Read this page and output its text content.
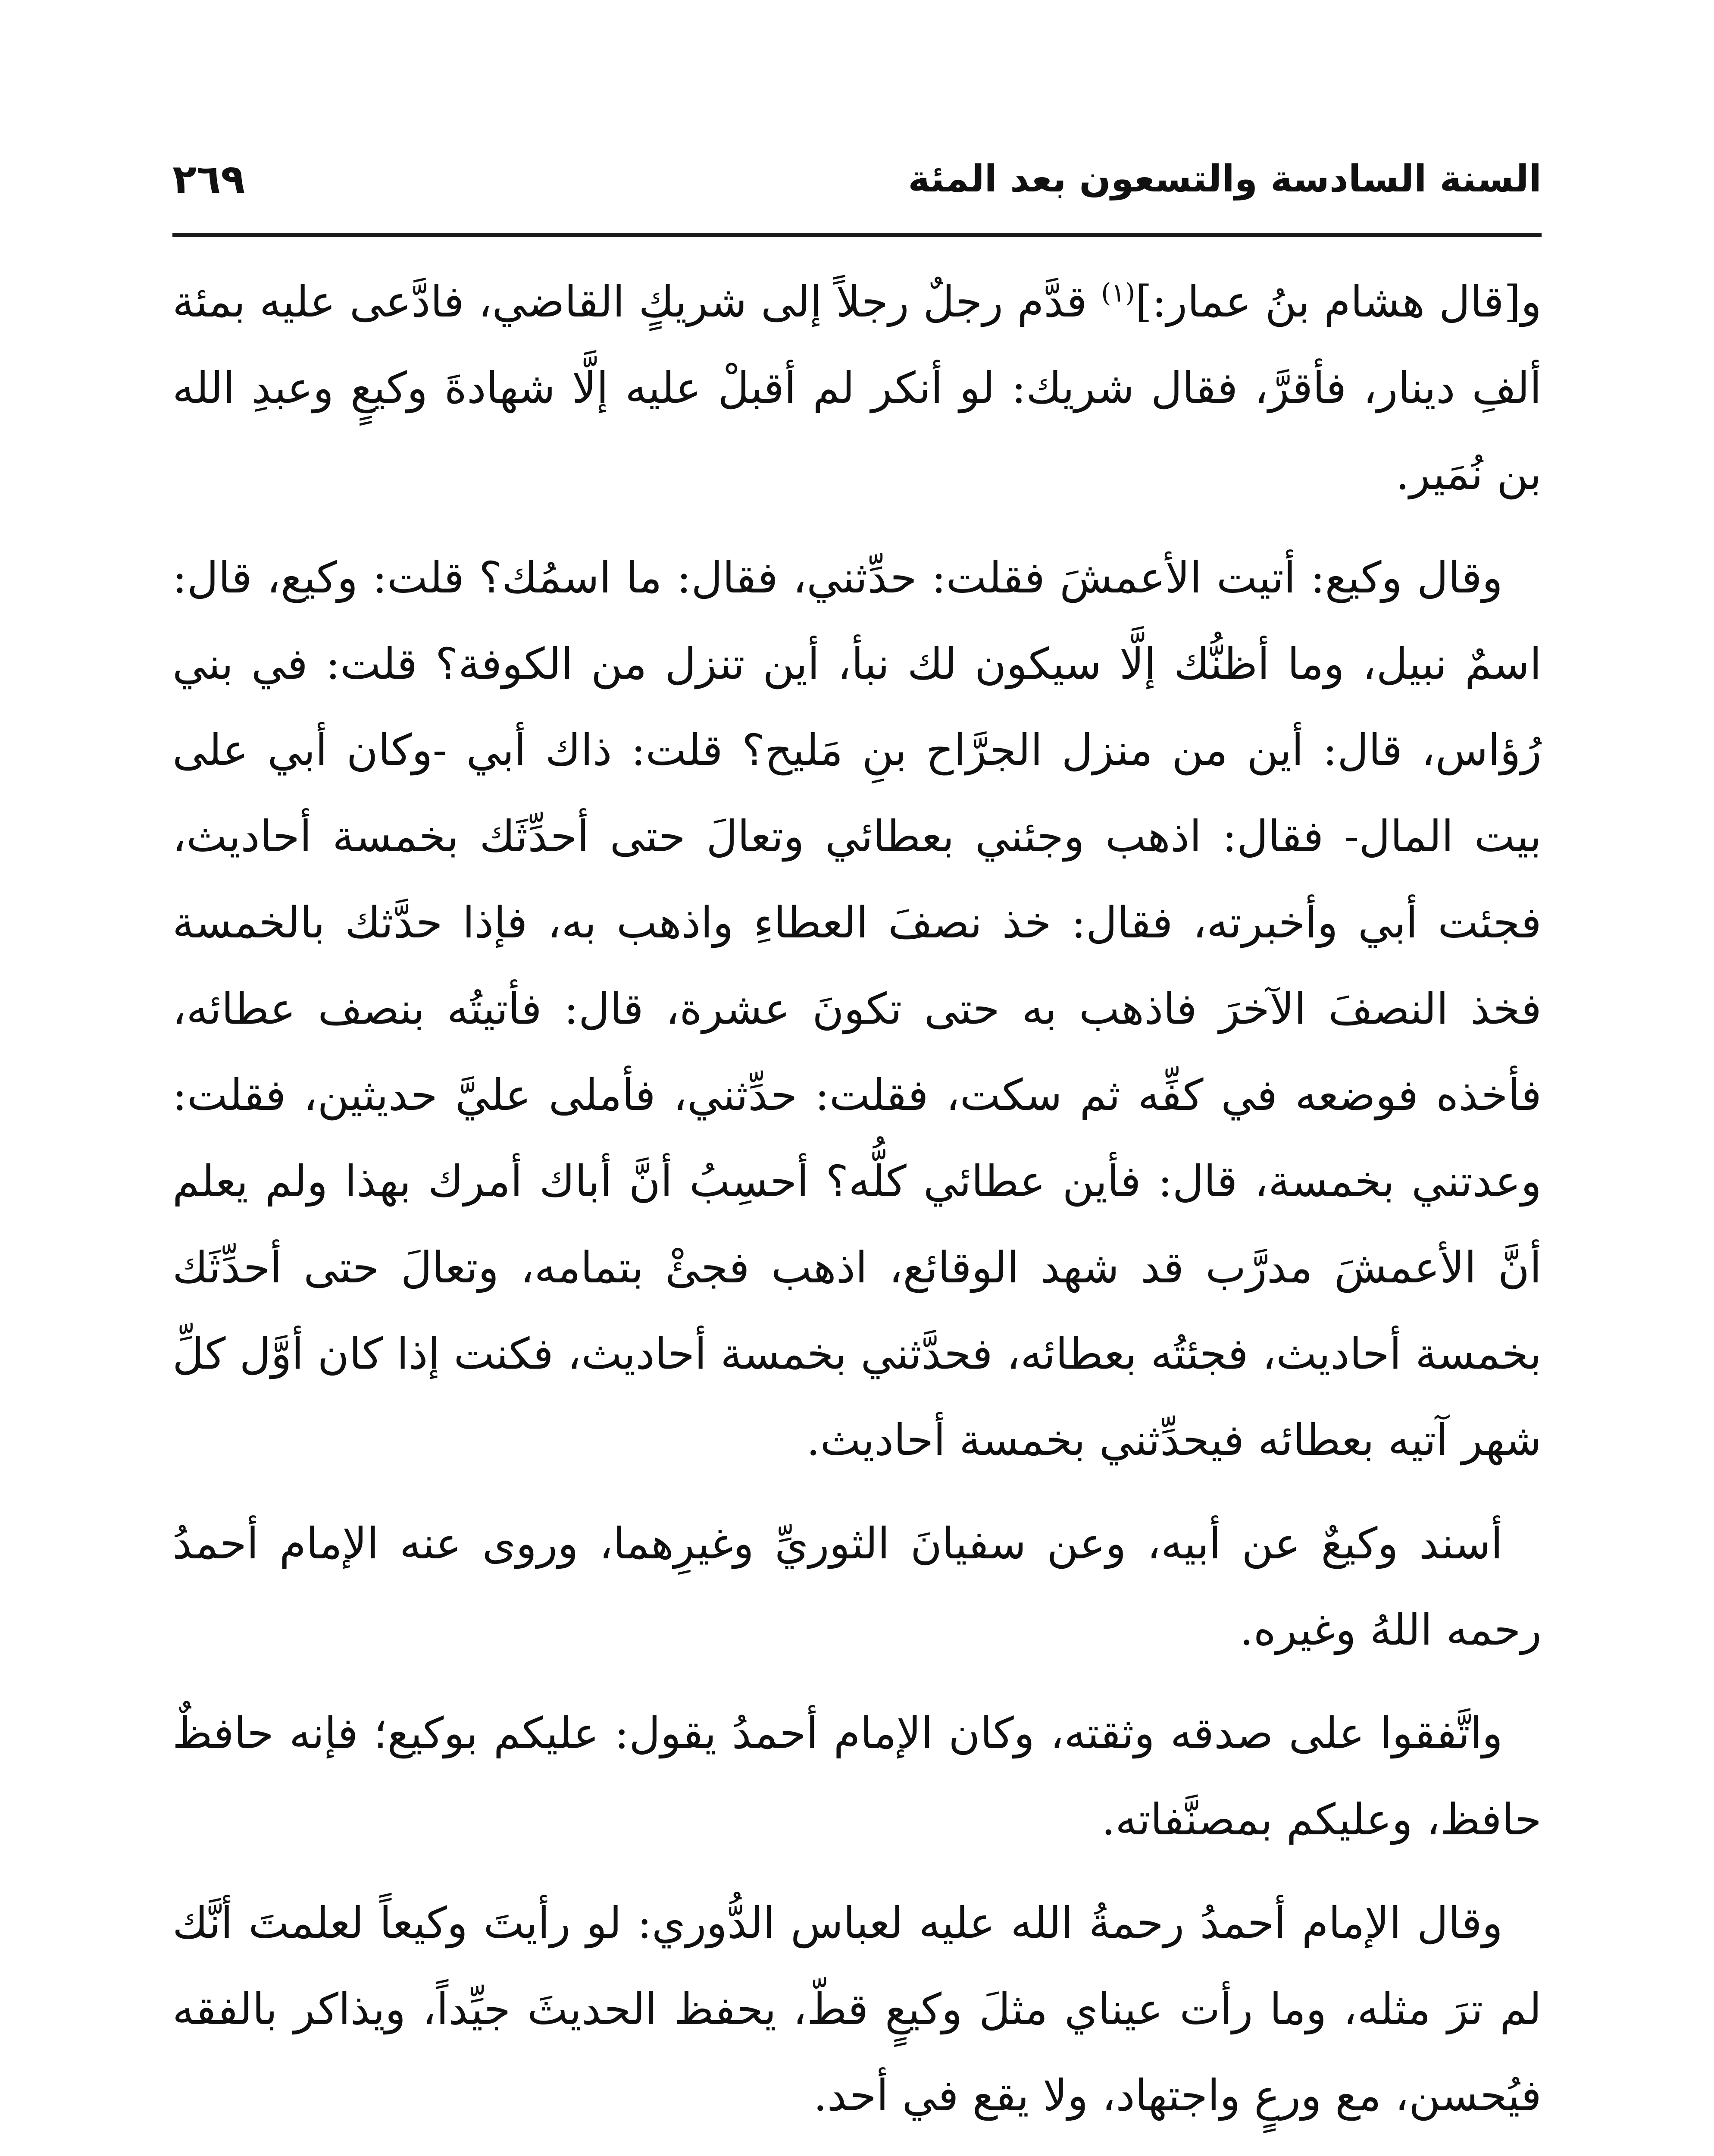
السنة السادسة والتسعون بعد المئة
٢٦٩

و[قال هشام بنُ عمار:]$^{(١)}$ قدَّم رجلٌ رجلاً إلى شريكٍ القاضي، فادَّعى عليه بمئة ألفِ دينار، فأقرَّ، فقال شريك: لو أنكر لم أقبلْ عليه إلَّا شهادةَ وكيعٍ وعبدِ الله بن نُمَير.

وقال وكيع: أتيت الأعمشَ فقلت: حدِّثني، فقال: ما اسمُك؟ قلت: وكيع، قال: اسمٌ نبيل، وما أظنُّك إلَّا سيكون لك نبأ، أين تنزل من الكوفة؟ قلت: في بني رُؤاس، قال: أين من منزل الجرَّاح بنِ مَليح؟ قلت: ذاك أبي -وكان أبي على بيت المال- فقال: اذهب وجئني بعطائي وتعالَ حتى أحدِّثَك بخمسة أحاديث، فجئت أبي وأخبرته، فقال: خذ نصفَ العطاءِ واذهب به، فإذا حدَّثك بالخمسة فخذ النصفَ الآخرَ فاذهب به حتى تكونَ عشرة، قال: فأتيتُه بنصف عطائه، فأخذه فوضعه في كفِّه ثم سكت، فقلت: حدِّثني، فأملى عليَّ حديثين، فقلت: وعدتني بخمسة، قال: فأين عطائي كلُّه؟ أحسِبُ أنَّ أباك أمرك بهذا ولم يعلم أنَّ الأعمشَ مدرَّب قد شهد الوقائع، اذهب فجئْ بتمامه، وتعالَ حتى أحدِّثَك بخمسة أحاديث، فجئتُه بعطائه، فحدَّثني بخمسة أحاديث، فكنت إذا كان أوَّل كلِّ شهر آتيه بعطائه فيحدِّثني بخمسة أحاديث.

أسند وكيعٌ عن أبيه، وعن سفيانَ الثوريِّ وغيرِهما، وروى عنه الإمام أحمدُ رحمه اللهُ وغيره.

واتَّفقوا على صدقه وثقته، وكان الإمام أحمدُ يقول: عليكم بوكيع؛ فإنه حافظٌ حافظ، وعليكم بمصنَّفاته.

وقال الإمام أحمدُ رحمةُ الله عليه لعباس الدُّوري: لو رأيتَ وكيعاً لعلمتَ أنَّك لم ترَ مثله، وما رأت عيناي مثلَ وكيعٍ قطّ، يحفظ الحديثَ جيِّداً، ويذاكر بالفقه فيُحسن، مع ورعٍ واجتهاد، ولا يقع في أحد.
